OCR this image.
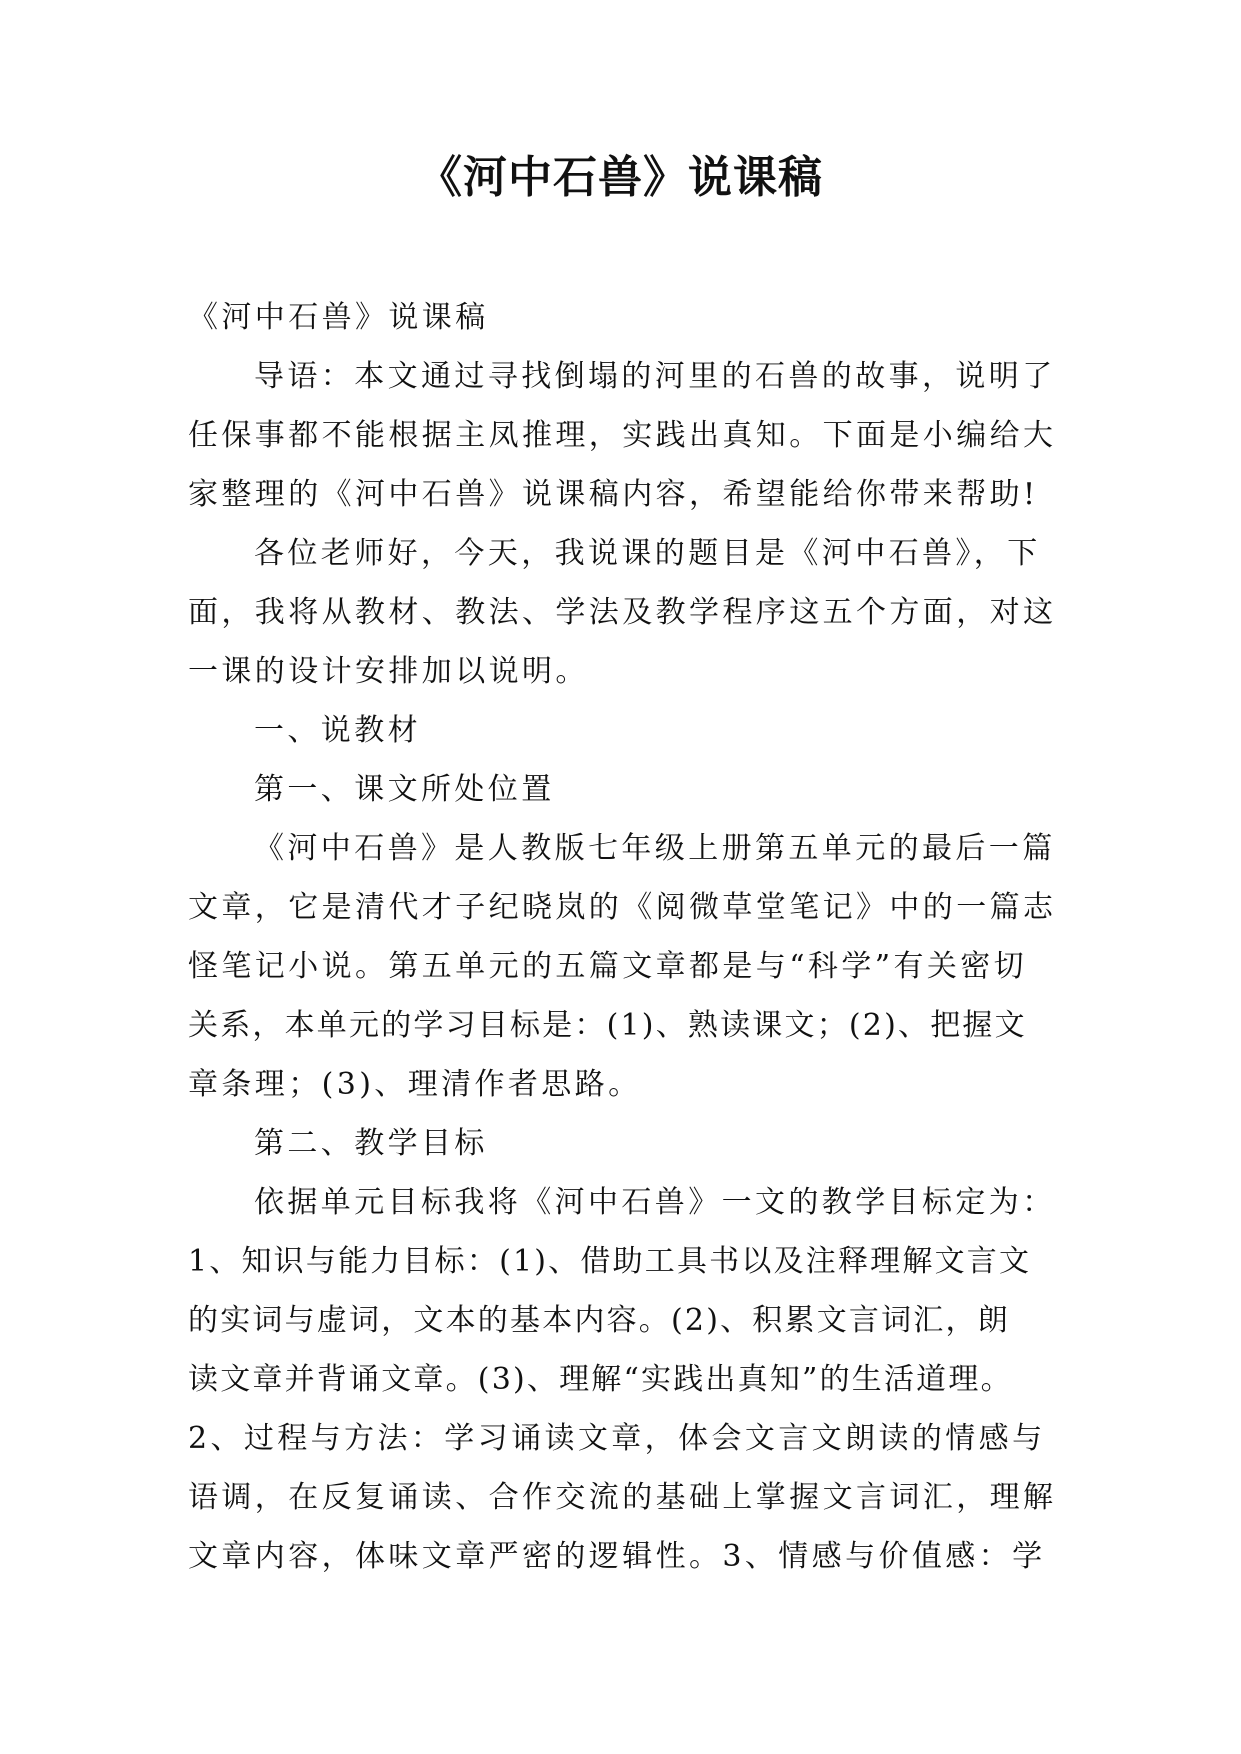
《河中石兽》说课稿
《河中石兽》说课稿
导语：本文通过寻找倒塌的河里的石兽的故事，说明了
任保事都不能根据主凤推理，实践出真知。下面是小编给大
家整理的《河中石兽》说课稿内容，希望能给你带来帮助!
各位老师好，今天，我说课的题目是《河中石兽》，下
面，我将从教材、教法、学法及教学程序这五个方面，对这
一课的设计安排加以说明。
一、说教材
第一、课文所处位置
《河中石兽》是人教版七年级上册第五单元的最后一篇
文章，它是清代才子纪晓岚的《阅微草堂笔记》中的一篇志
怪笔记小说。第五单元的五篇文章都是与“科学”有关密切
关系，本单元的学习目标是：(1)、熟读课文；(2)、把握文
章条理；(3)、理清作者思路。
第二、教学目标
依据单元目标我将《河中石兽》一文的教学目标定为：
1、知识与能力目标：(1)、借助工具书以及注释理解文言文
的实词与虚词，文本的基本内容。(2)、积累文言词汇，朗
读文章并背诵文章。(3)、理解“实践出真知”的生活道理。
2、过程与方法：学习诵读文章，体会文言文朗读的情感与
语调，在反复诵读、合作交流的基础上掌握文言词汇，理解
文章内容，体味文章严密的逻辑性。3、情感与价值感：学
